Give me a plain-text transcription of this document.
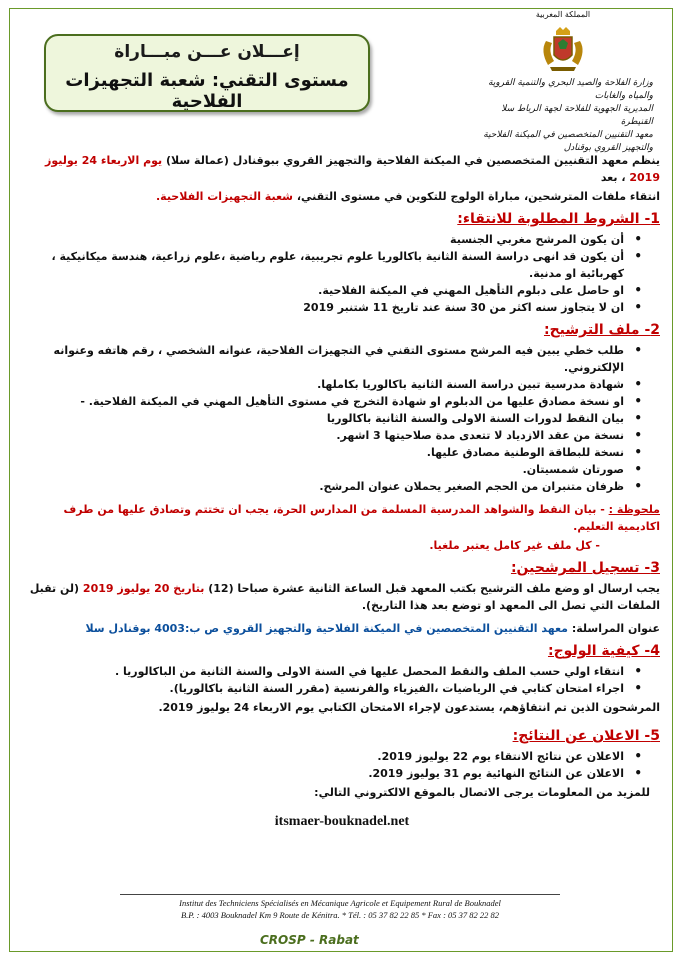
إعـــلان عـــن مبـــاراة
مستوى التقني: شعبة التجهيزات الفلاحية
المملكة المغربية
وزارة الفلاحة والصيد البحري والتنمية القروية والمياه والغابات
المديرية الجهوية للفلاحة لجهة الرباط سلا القنيطرة
معهد التقنيين المتخصصين في الميكنة الفلاحية
والتجهيز القروي بوقنادل
ينظم معهد التقنيين المتخصصين في الميكنة الفلاحية والتجهيز القروي ببوقنادل (عمالة سلا) يوم الاربعاء 24 يوليوز 2019 ، بعد
انتقاء ملفات المترشحين، مباراة الولوج للتكوين في مستوى التقني، شعبة التجهيزات الفلاحية.
1- الشروط المطلوبة للانتقاء:
• أن يكون المرشح مغربي الجنسية
• أن يكون قد انهى دراسة السنة الثانية باكالوريا علوم تجريبية، علوم رياضية ،علوم زراعية، هندسة ميكانيكية ، كهربائية او مدنية.
• او حاصل على دبلوم التأهيل المهني في الميكنة الفلاحية.
• ان لا يتجاوز سنه اكثر من 30 سنة عند تاريخ 11 شتنبر 2019
2- ملف الترشيح:
• طلب خطي يبين فيه المرشح مستوى التقني في التجهيزات الفلاحية، عنوانه الشخصي ، رقم هاتفه وعنوانه الإلكتروني.
• شهادة مدرسية تبين دراسة السنة الثانية باكالوريا بكاملها.
• او نسخة مصادق عليها من الدبلوم او شهادة التخرج في مستوى التأهيل المهني في الميكنة الفلاحية. -
• بيان النقط لدورات السنة الاولى والسنة الثانية باكالوريا
• نسخة من عقد الازدياد لا تتعدى مدة صلاحيتها 3 اشهر.
• نسخة للبطاقة الوطنية مصادق عليها.
• صورتان شمسيتان.
• ظرفان متنبران من الحجم الصغير يحملان عنوان المرشح.
ملحوظة : - بيان النقط والشواهد المدرسية المسلمة من المدارس الحرة، يجب ان تختتم وتصادق عليها من طرف اكاديمية التعليم.
- كل ملف غير كامل يعتبر ملغيا.
3- تسجيل المرشحين:
يجب ارسال او وضع ملف الترشيح بكتب المعهد قبل الساعة الثانية عشرة صباحا (12) بتاريخ 20 يوليوز 2019 (لن تقبل الملفات التي تصل الى المعهد او توضع بعد هذا التاريخ).
عنوان المراسلة: معهد التقنيين المتخصصين في الميكنة الفلاحية والتجهيز القروي ص ب:4003 بوقنادل سلا
4- كيفية الولوج:
• انتقاء اولي حسب الملف والنقط المحصل عليها في السنة الاولى والسنة الثانية من الباكالوريا .
• اجراء امتحان كتابي في الرياضيات ،الفيزياء والفرنسية (مقرر السنة الثانية باكالوريا).
المرشحون الذين تم انتقاؤهم، يستدعون لإجراء الامتحان الكتابي يوم الاربعاء 24 يوليوز 2019.
5- الاعلان عن النتائج:
• الاعلان عن نتائج الانتقاء يوم 22 يوليوز 2019.
• الاعلان عن النتائج النهائية يوم 31 يوليوز 2019.
للمزيد من المعلومات يرجى الاتصال بالموقع الالكتروني التالي:
itsmaer-bouknadel.net
Institut des Techniciens Spécialisés en Mécanique Agricole et Equipement Rural de Bouknadel
B.P. : 4003 Bouknadel Km 9 Route de Kénitra. * Tél. : 05 37 82 22 85 * Fax : 05 37 82 22 82
CROSP - Rabat
